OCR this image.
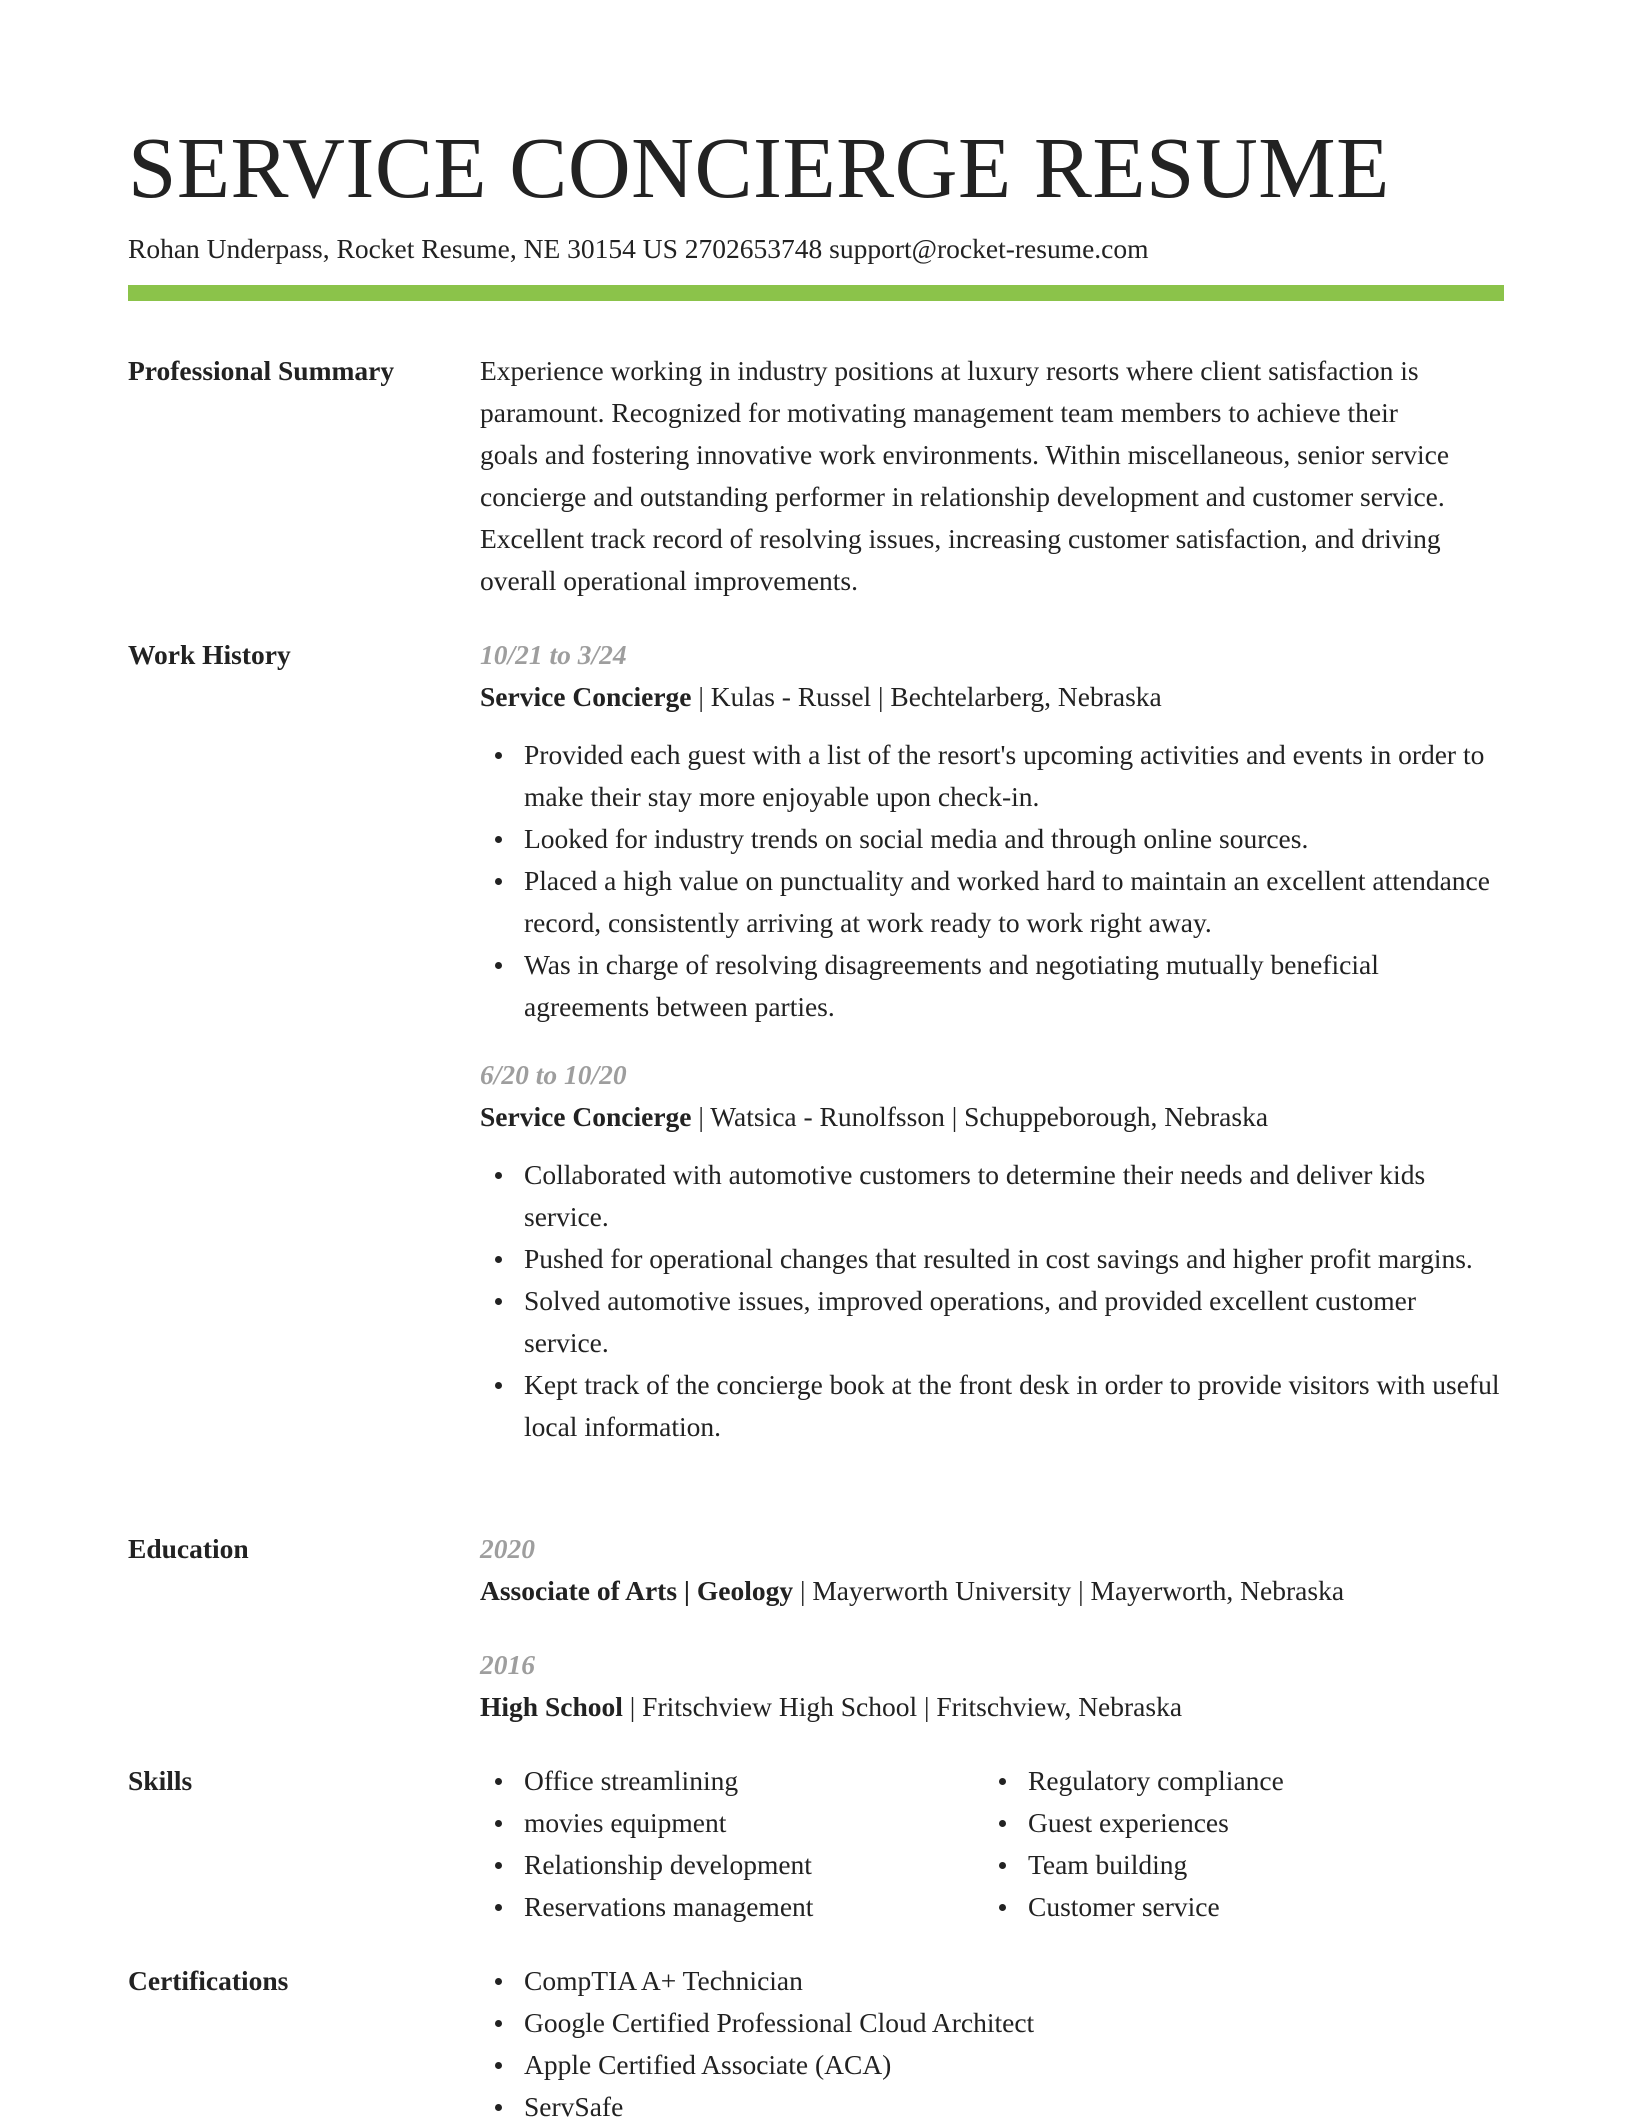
SERVICE CONCIERGE RESUME
Rohan Underpass, Rocket Resume, NE 30154 US 2702653748 support@rocket-resume.com
Professional Summary	Experience working in industry positions at luxury resorts where client satisfaction is

paramount. Recognized for motivating management team members to achieve their

goals and fostering innovative work environments. Within miscellaneous, senior service

concierge and outstanding performer in relationship development and customer service.

Excellent track record of resolving issues, increasing customer satisfaction, and driving

overall operational improvements.

Work History	10/21 to 3/24
Service Concierge | Kulas - Russel | Bechtelarberg, Nebraska
Provided each guest with a list of the resort's upcoming activities and events in order to make their stay more enjoyable upon check-in.
Looked for industry trends on social media and through online sources.
Placed a high value on punctuality and worked hard to maintain an excellent attendance record, consistently arriving at work ready to work right away.
Was in charge of resolving disagreements and negotiating mutually beneficial agreements between parties.
6/20 to 10/20
Service Concierge | Watsica - Runolfsson | Schuppeborough, Nebraska
Collaborated with automotive customers to determine their needs and deliver kids service.
Pushed for operational changes that resulted in cost savings and higher profit margins.
Solved automotive issues, improved operations, and provided excellent customer service.
Kept track of the concierge book at the front desk in order to provide visitors with useful local information.
Education	2020
Associate of Arts | Geology | Mayerworth University | Mayerworth, Nebraska
2016
High School | Fritschview High School | Fritschview, Nebraska
Skills	Office streamlining
movies equipment
Relationship development
Reservations management
Regulatory compliance
Guest experiences
Team building
Customer service
Certifications	CompTIA A+ Technician
Google Certified Professional Cloud Architect
Apple Certified Associate (ACA)
ServSafe
